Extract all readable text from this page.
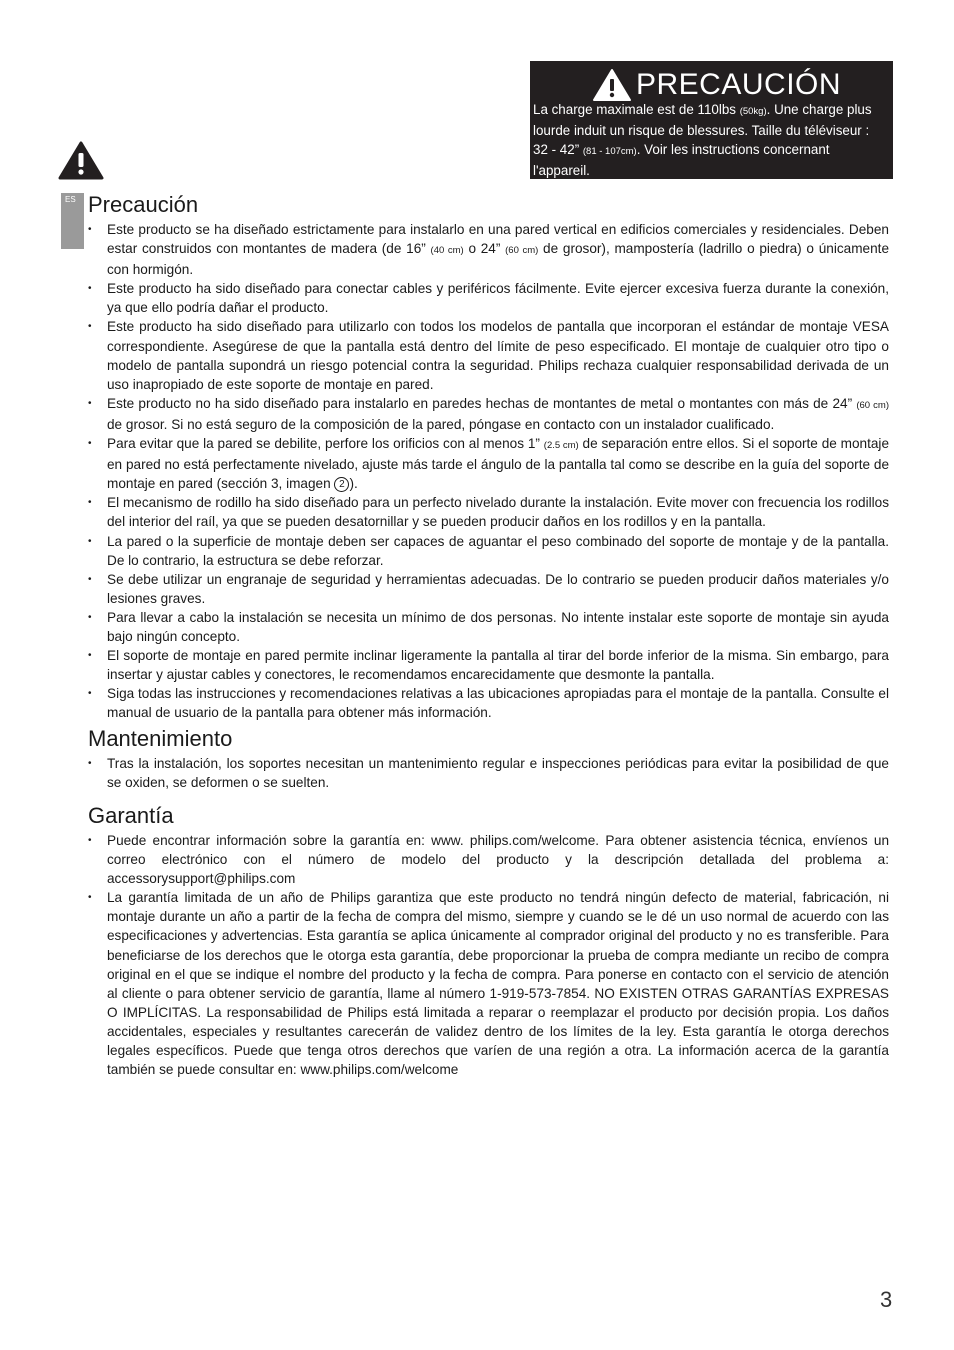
PRECAUCIÓN
La charge maximale est de 110lbs (50kg). Une charge plus lourde induit un risque de blessures. Taille du téléviseur : 32 - 42” (81 - 107cm). Voir les instructions concernant l'appareil.
ES Precaución
• Este producto se ha diseñado estrictamente para instalarlo en una pared vertical en edificios comerciales y residenciales. Deben estar construidos con montantes de madera (de 16” (40 cm) o 24” (60 cm) de grosor), mampostería (ladrillo o piedra) o únicamente con hormigón.
• Este producto ha sido diseñado para conectar cables y periféricos fácilmente. Evite ejercer excesiva fuerza durante la conexión, ya que ello podría dañar el producto.
• Este producto ha sido diseñado para utilizarlo con todos los modelos de pantalla que incorporan el estándar de montaje VESA correspondiente. Asegúrese de que la pantalla está dentro del límite de peso especificado. El montaje de cualquier otro tipo o modelo de pantalla supondrá un riesgo potencial contra la seguridad. Philips rechaza cualquier responsabilidad derivada de un uso inapropiado de este soporte de montaje en pared.
• Este producto no ha sido diseñado para instalarlo en paredes hechas de montantes de metal o montantes con más de 24” (60 cm) de grosor. Si no está seguro de la composición de la pared, póngase en contacto con un instalador cualificado.
• Para evitar que la pared se debilite, perfore los orificios con al menos 1” (2.5 cm) de separación entre ellos. Si el soporte de montaje en pared no está perfectamente nivelado, ajuste más tarde el ángulo de la pantalla tal como se describe en la guía del soporte de montaje en pared (sección 3, imagen 2 ).
• El mecanismo de rodillo ha sido diseñado para un perfecto nivelado durante la instalación. Evite mover con frecuencia los rodillos del interior del raíl, ya que se pueden desatornillar y se pueden producir daños en los rodillos y en la pantalla.
• La pared o la superficie de montaje deben ser capaces de aguantar el peso combinado del soporte de montaje y de la pantalla. De lo contrario, la estructura se debe reforzar.
• Se debe utilizar un engranaje de seguridad y herramientas adecuadas. De lo contrario se pueden producir daños materiales y/o lesiones graves.
• Para llevar a cabo la instalación se necesita un mínimo de dos personas. No intente instalar este soporte de montaje sin ayuda bajo ningún concepto.
• El soporte de montaje en pared permite inclinar ligeramente la pantalla al tirar del borde inferior de la misma. Sin embargo, para insertar y ajustar cables y conectores, le recomendamos encarecidamente que desmonte la pantalla.
• Siga todas las instrucciones y recomendaciones relativas a las ubicaciones apropiadas para el montaje de la pantalla. Consulte el manual de usuario de la pantalla para obtener más información.
Mantenimiento
• Tras la instalación, los soportes necesitan un mantenimiento regular e inspecciones periódicas para evitar la posibilidad de que se oxiden, se deformen o se suelten.
Garantía
• Puede encontrar información sobre la garantía en: www. philips.com/welcome. Para obtener asistencia técnica, envíenos un correo electrónico con el número de modelo del producto y la descripción detallada del problema a: accessorysupport@philips.com
• La garantía limitada de un año de Philips garantiza que este producto no tendrá ningún defecto de material, fabricación, ni montaje durante un año a partir de la fecha de compra del mismo, siempre y cuando se le dé un uso normal de acuerdo con las especificaciones y advertencias. Esta garantía se aplica únicamente al comprador original del producto y no es transferible. Para beneficiarse de los derechos que le otorga esta garantía, debe proporcionar la prueba de compra mediante un recibo de compra original en el que se indique el nombre del producto y la fecha de compra. Para ponerse en contacto con el servicio de atención al cliente o para obtener servicio de garantía, llame al número 1-919-573-7854. NO EXISTEN OTRAS GARANTÍAS EXPRESAS O IMPLÍCITAS. La responsabilidad de Philips está limitada a reparar o reemplazar el producto por decisión propia. Los daños accidentales, especiales y resultantes carecerán de validez dentro de los límites de la ley. Esta garantía le otorga derechos legales específicos. Puede que tenga otros derechos que varíen de una región a otra. La información acerca de la garantía también se puede consultar en: www.philips.com/welcome
3
